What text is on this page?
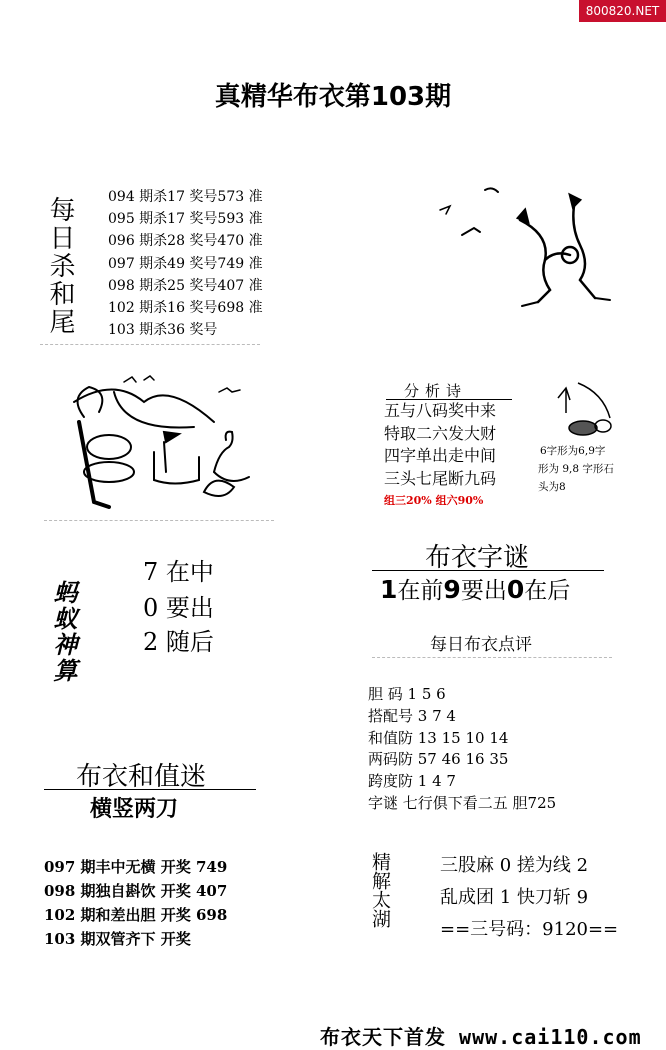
800820.NET
真精华布衣第103期
每日杀和尾 094 期杀17 奖号573 准
095 期杀17 奖号593 准
096 期杀28 奖号470 准
097 期杀49 奖号749 准
098 期杀25 奖号407 准
102 期杀16 奖号698 准
103 期杀36 奖号
分析诗
五与八码奖中来
特取二六发大财
四字单出走中间
三头七尾断九码
组三20% 组六90%
6字形为6,9字
形为 9,8 字形石
头为8
蚂蚁神算
7 在中
0 要出
2 随后
布衣字谜
1在前9要出0在后
每日布衣点评
胆 码 1 5 6
搭配号 3 7 4
和值防 13 15 10 14
两码防 57 46 16 35
跨度防 1 4 7
字谜 七行俱下看二五 胆725
布衣和值迷
横竖两刀
097 期丰中无横 开奖 749
098 期独自斟饮 开奖 407
102 期和差出胆 开奖 698
103 期双管齐下 开奖
精解太湖	三股麻 0 搓为线 2
乱成团 1 快刀斩 9
==三号码：9120==
布衣天下首发 www.cai110.com
